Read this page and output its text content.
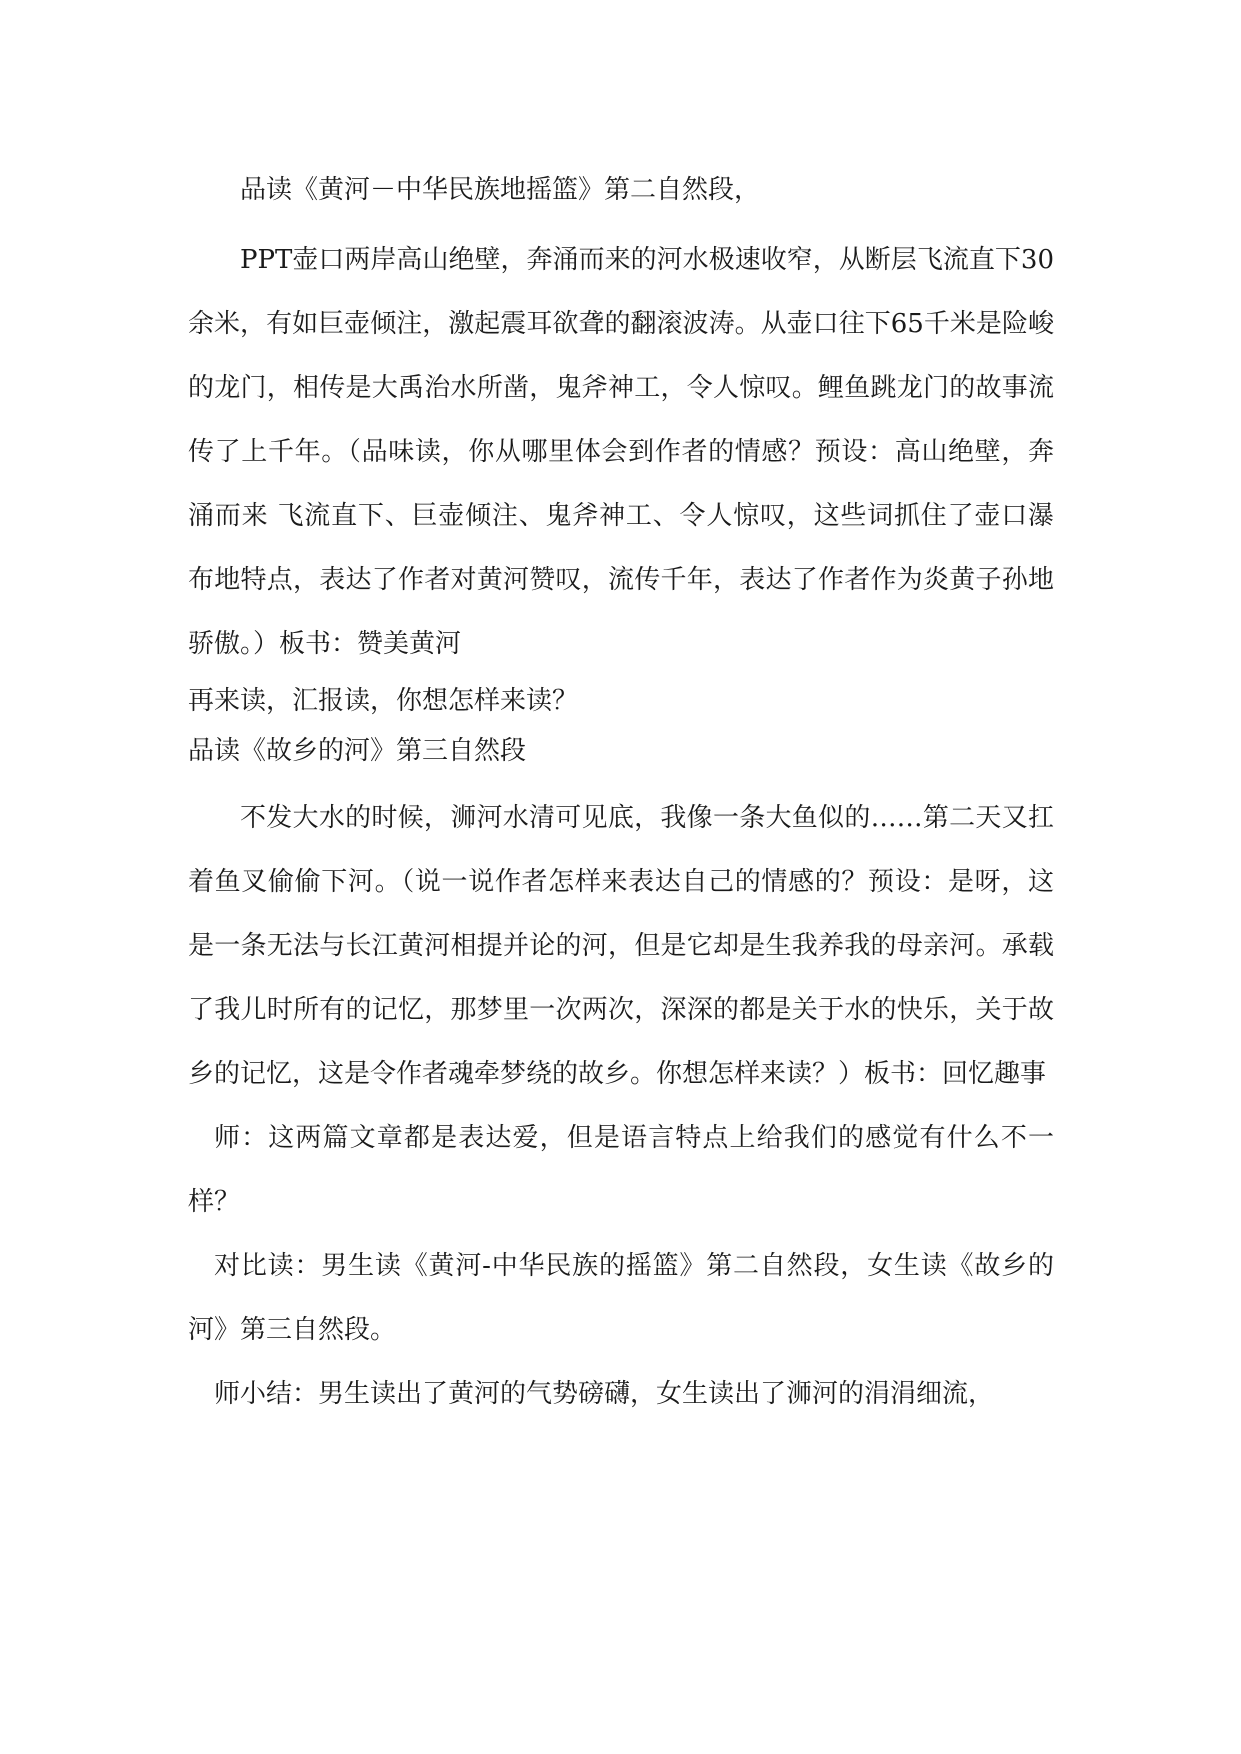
品读《黄河－中华民族地摇篮》第二自然段，

PPT壶口两岸高山绝壁，奔涌而来的河水极速收窄，从断层飞流直下30余米，有如巨壶倾注，激起震耳欲聋的翻滚波涛。从壶口往下65千米是险峻的龙门，相传是大禹治水所凿，鬼斧神工，令人惊叹。鲤鱼跳龙门的故事流传了上千年。（品味读，你从哪里体会到作者的情感？预设：高山绝壁，奔涌而来 飞流直下、巨壶倾注、鬼斧神工、令人惊叹，这些词抓住了壶口瀑布地特点，表达了作者对黄河赞叹，流传千年，表达了作者作为炎黄子孙地骄傲。）板书：赞美黄河

再来读，汇报读，你想怎样来读？

品读《故乡的河》第三自然段

不发大水的时候，浉河水清可见底，我像一条大鱼似的……第二天又扛着鱼叉偷偷下河。（说一说作者怎样来表达自己的情感的？预设：是呀，这是一条无法与长江黄河相提并论的河，但是它却是生我养我的母亲河。承载了我儿时所有的记忆，那梦里一次两次，深深的都是关于水的快乐，关于故乡的记忆，这是令作者魂牵梦绕的故乡。你想怎样来读？）板书：回忆趣事

师：这两篇文章都是表达爱，但是语言特点上给我们的感觉有什么不一样？

对比读：男生读《黄河-中华民族的摇篮》第二自然段，女生读《故乡的河》第三自然段。

师小结：男生读出了黄河的气势磅礴，女生读出了浉河的涓涓细流，
